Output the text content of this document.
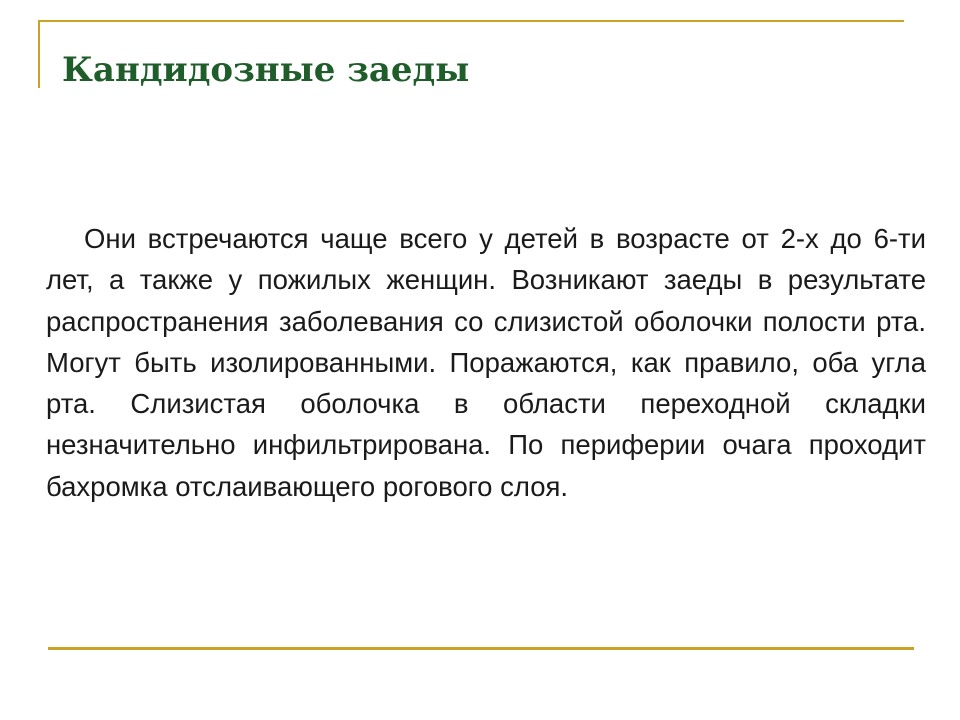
Кандидозные заеды

Они встречаются чаще всего у детей в возрасте от 2-х до 6-ти лет, а также у пожилых женщин. Возникают заеды в результате распространения заболевания со слизистой оболочки полости рта. Могут быть изолированными. Поражаются, как правило, оба угла рта. Слизистая оболочка в области переходной складки незначительно инфильтрирована. По периферии очага проходит бахромка отслаивающего рогового слоя.
